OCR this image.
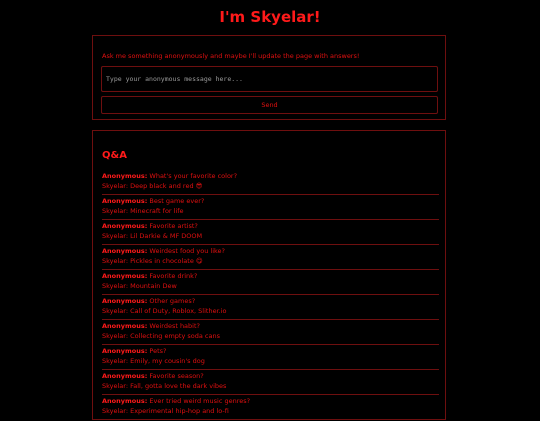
I'm Skyelar!
Ask me something anonymously and maybe I'll update the page with answers!
Type your anonymous message here...
Send
Q&A
Anonymous: What's your favorite color?
Skyelar: Deep black and red 😎
Anonymous: Best game ever?
Skyelar: Minecraft for life
Anonymous: Favorite artist?
Skyelar: Lil Darkie & MF DOOM
Anonymous: Weirdest food you like?
Skyelar: Pickles in chocolate 😋
Anonymous: Favorite drink?
Skyelar: Mountain Dew
Anonymous: Other games?
Skyelar: Call of Duty, Roblox, Slither.io
Anonymous: Weirdest habit?
Skyelar: Collecting empty soda cans
Anonymous: Pets?
Skyelar: Emily, my cousin's dog
Anonymous: Favorite season?
Skyelar: Fall, gotta love the dark vibes
Anonymous: Ever tried weird music genres?
Skyelar: Experimental hip-hop and lo-fi
